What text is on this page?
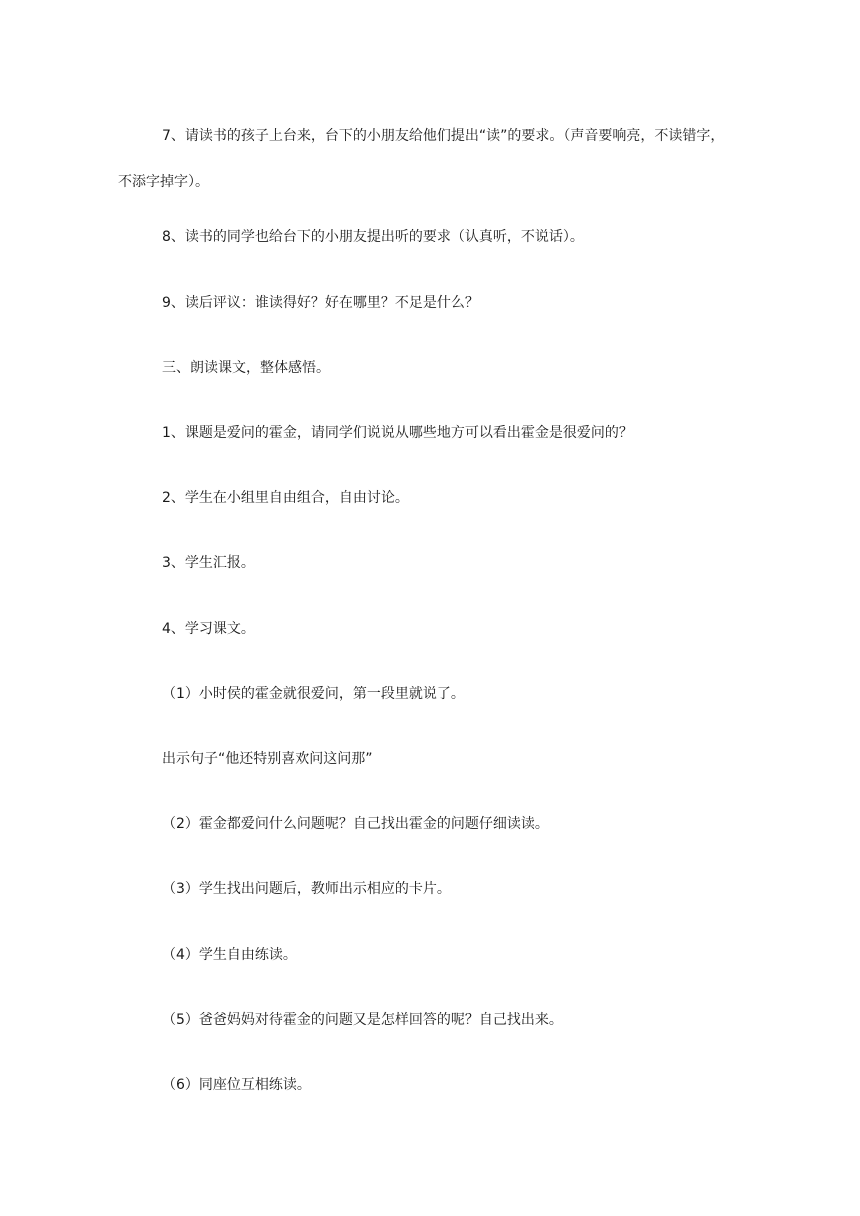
7、请读书的孩子上台来，台下的小朋友给他们提出“读”的要求。（声音要响亮，不读错字，不添字掉字）。

8、读书的同学也给台下的小朋友提出听的要求（认真听，不说话）。

9、读后评议：谁读得好？好在哪里？不足是什么？

三、朗读课文，整体感悟。

1、课题是爱问的霍金，请同学们说说从哪些地方可以看出霍金是很爱问的？

2、学生在小组里自由组合，自由讨论。

3、学生汇报。

4、学习课文。

（1）小时侯的霍金就很爱问，第一段里就说了。

出示句子“他还特别喜欢问这问那”

（2）霍金都爱问什么问题呢？自己找出霍金的问题仔细读读。

（3）学生找出问题后，教师出示相应的卡片。

（4）学生自由练读。

（5）爸爸妈妈对待霍金的问题又是怎样回答的呢？自己找出来。

（6）同座位互相练读。
